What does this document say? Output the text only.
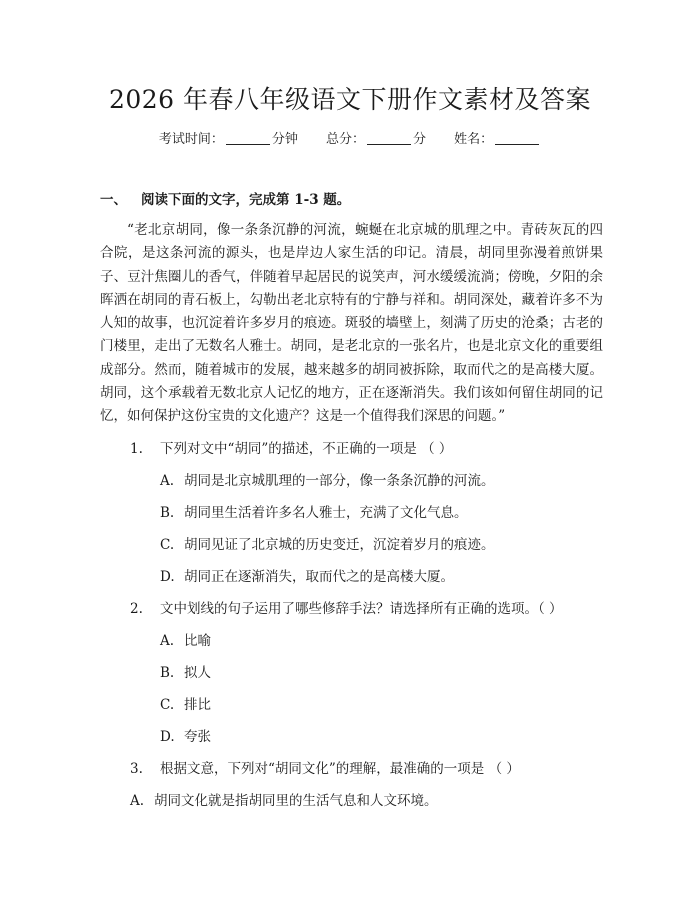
2026 年春八年级语文下册作文素材及答案
考试时间：	分钟 总分：	分 姓名：
一、 阅读下面的文字，完成第 1-3 题。
“老北京胡同，像一条条沉静的河流，蜿蜒在北京城的肌理之中。青砖灰瓦的四合院，是这条河流的源头，也是岸边人家生活的印记。清晨，胡同里弥漫着煎饼果子、豆汁焦圈儿的香气，伴随着早起居民的说笑声，河水缓缓流淌；傍晚，夕阳的余晖洒在胡同的青石板上，勾勒出老北京特有的宁静与祥和。胡同深处，藏着许多不为人知的故事，也沉淀着许多岁月的痕迹。斑驳的墙壁上，刻满了历史的沧桑；古老的门楼里，走出了无数名人雅士。胡同，是老北京的一张名片，也是北京文化的重要组成部分。然而，随着城市的发展，越来越多的胡同被拆除，取而代之的是高楼大厦。胡同，这个承载着无数北京人记忆的地方，正在逐渐消失。我们该如何留住胡同的记忆，如何保护这份宝贵的文化遗产？这是一个值得我们深思的问题。”
1. 下列对文中“胡同”的描述，不正确的一项是 （ ）
A. 胡同是北京城肌理的一部分，像一条条沉静的河流。
B. 胡同里生活着许多名人雅士，充满了文化气息。
C. 胡同见证了北京城的历史变迁，沉淀着岁月的痕迹。
D. 胡同正在逐渐消失，取而代之的是高楼大厦。
2. 文中划线的句子运用了哪些修辞手法？请选择所有正确的选项。（ ）
A. 比喻
B. 拟人
C. 排比
D. 夸张
3. 根据文意，下列对“胡同文化”的理解，最准确的一项是 （ ）
A. 胡同文化就是指胡同里的生活气息和人文环境。
